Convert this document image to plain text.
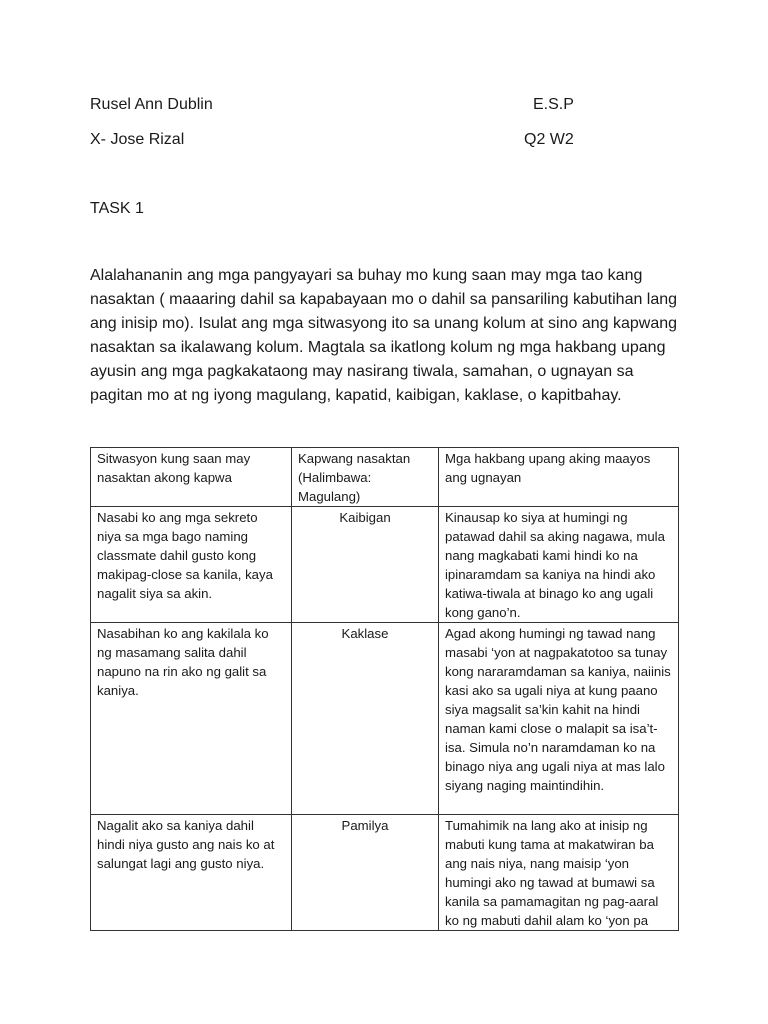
Rusel Ann Dublin	E.S.P
X- Jose Rizal	Q2 W2
TASK 1

Alalahananin ang mga pangyayari sa buhay mo kung saan may mga tao kang nasaktan ( maaaring dahil sa kapabayaan mo o dahil sa pansariling kabutihan lang ang inisip mo). Isulat ang mga sitwasyong ito sa unang kolum at sino ang kapwang nasaktan sa ikalawang kolum. Magtala sa ikatlong kolum ng mga hakbang upang ayusin ang mga pagkakataong may nasirang tiwala, samahan, o ugnayan sa pagitan mo at ng iyong magulang, kapatid, kaibigan, kaklase, o kapitbahay.

Sitwasyon kung saan may nasaktan akong kapwa	Kapwang nasaktan (Halimbawa: Magulang)	Mga hakbang upang aking maayos ang ugnayan

Nasabi ko ang mga sekreto niya sa mga bago naming classmate dahil gusto kong makipag-close sa kanila, kaya nagalit siya sa akin.	Kaibigan	Kinausap ko siya at humingi ng patawad dahil sa aking nagawa, mula nang magkabati kami hindi ko na ipinaramdam sa kaniya na hindi ako katiwa-tiwala at binago ko ang ugali kong gano’n.

Nasabihan ko ang kakilala ko ng masamang salita dahil napuno na rin ako ng galit sa kaniya.	Kaklase	Agad akong humingi ng tawad nang masabi ‘yon at nagpakatotoo sa tunay kong nararamdaman sa kaniya, naiinis kasi ako sa ugali niya at kung paano siya magsalit sa’kin kahit na hindi naman kami close o malapit sa isa’t-isa. Simula no’n naramdaman ko na binago niya ang ugali niya at mas lalo siyang naging maintindihin.

Nagalit ako sa kaniya dahil hindi niya gusto ang nais ko at salungat lagi ang gusto niya.	Pamilya	Tumahimik na lang ako at inisip ng mabuti kung tama at makatwiran ba ang nais niya, nang maisip ‘yon humingi ako ng tawad at bumawi sa kanila sa pamamagitan ng pag-aaral ko ng mabuti dahil alam ko ‘yon pa
